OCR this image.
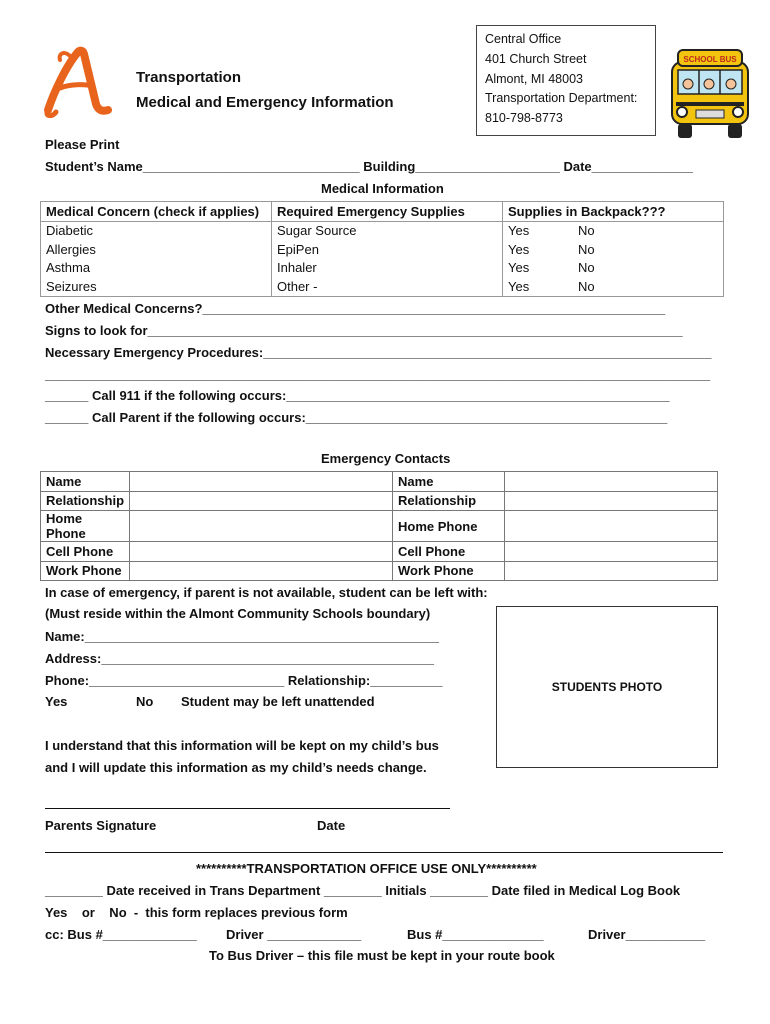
Transportation
Medical and Emergency Information
Central Office
401 Church Street
Almont, MI 48003
Transportation Department:
810-798-8773
SCHOOL BUS
Please Print
Student’s Name______________________________ Building____________________ Date______________
Medical Information
Medical Concern (check if applies)	Required Emergency Supplies	Supplies in Backpack???	
Diabetic	Sugar Source	Yes	No
Allergies	EpiPen	Yes	No
Asthma	Inhaler	Yes	No
Seizures	Other -	Yes	No
Other Medical Concerns?________________________________________________________________
Signs to look for__________________________________________________________________________
Necessary Emergency Procedures:______________________________________________________________
____________________________________________________________________________________________
______ Call 911 if the following occurs:_____________________________________________________
______ Call Parent if the following occurs:__________________________________________________
Emergency Contacts
Name		Name	
Relationship		Relationship	
Home Phone		Home Phone	
Cell Phone		Cell Phone	
Work Phone		Work Phone	
In case of emergency, if parent is not available, student can be left with:
(Must reside within the Almont Community Schools boundary)
Name:_________________________________________________
Address:______________________________________________
Phone:___________________________ Relationship:__________
Yes	No Student may be left unattended
STUDENTS PHOTO
I understand that this information will be kept on my child’s bus
and I will update this information as my child’s needs change.
Parents Signature	Date
**********TRANSPORTATION OFFICE USE ONLY**********
________ Date received in Trans Department ________ Initials ________ Date filed in Medical Log Book
Yes    or    No  -  this form replaces previous form
cc: Bus #_____________ Driver _____________	Bus #______________	Driver___________
To Bus Driver – this file must be kept in your route book
